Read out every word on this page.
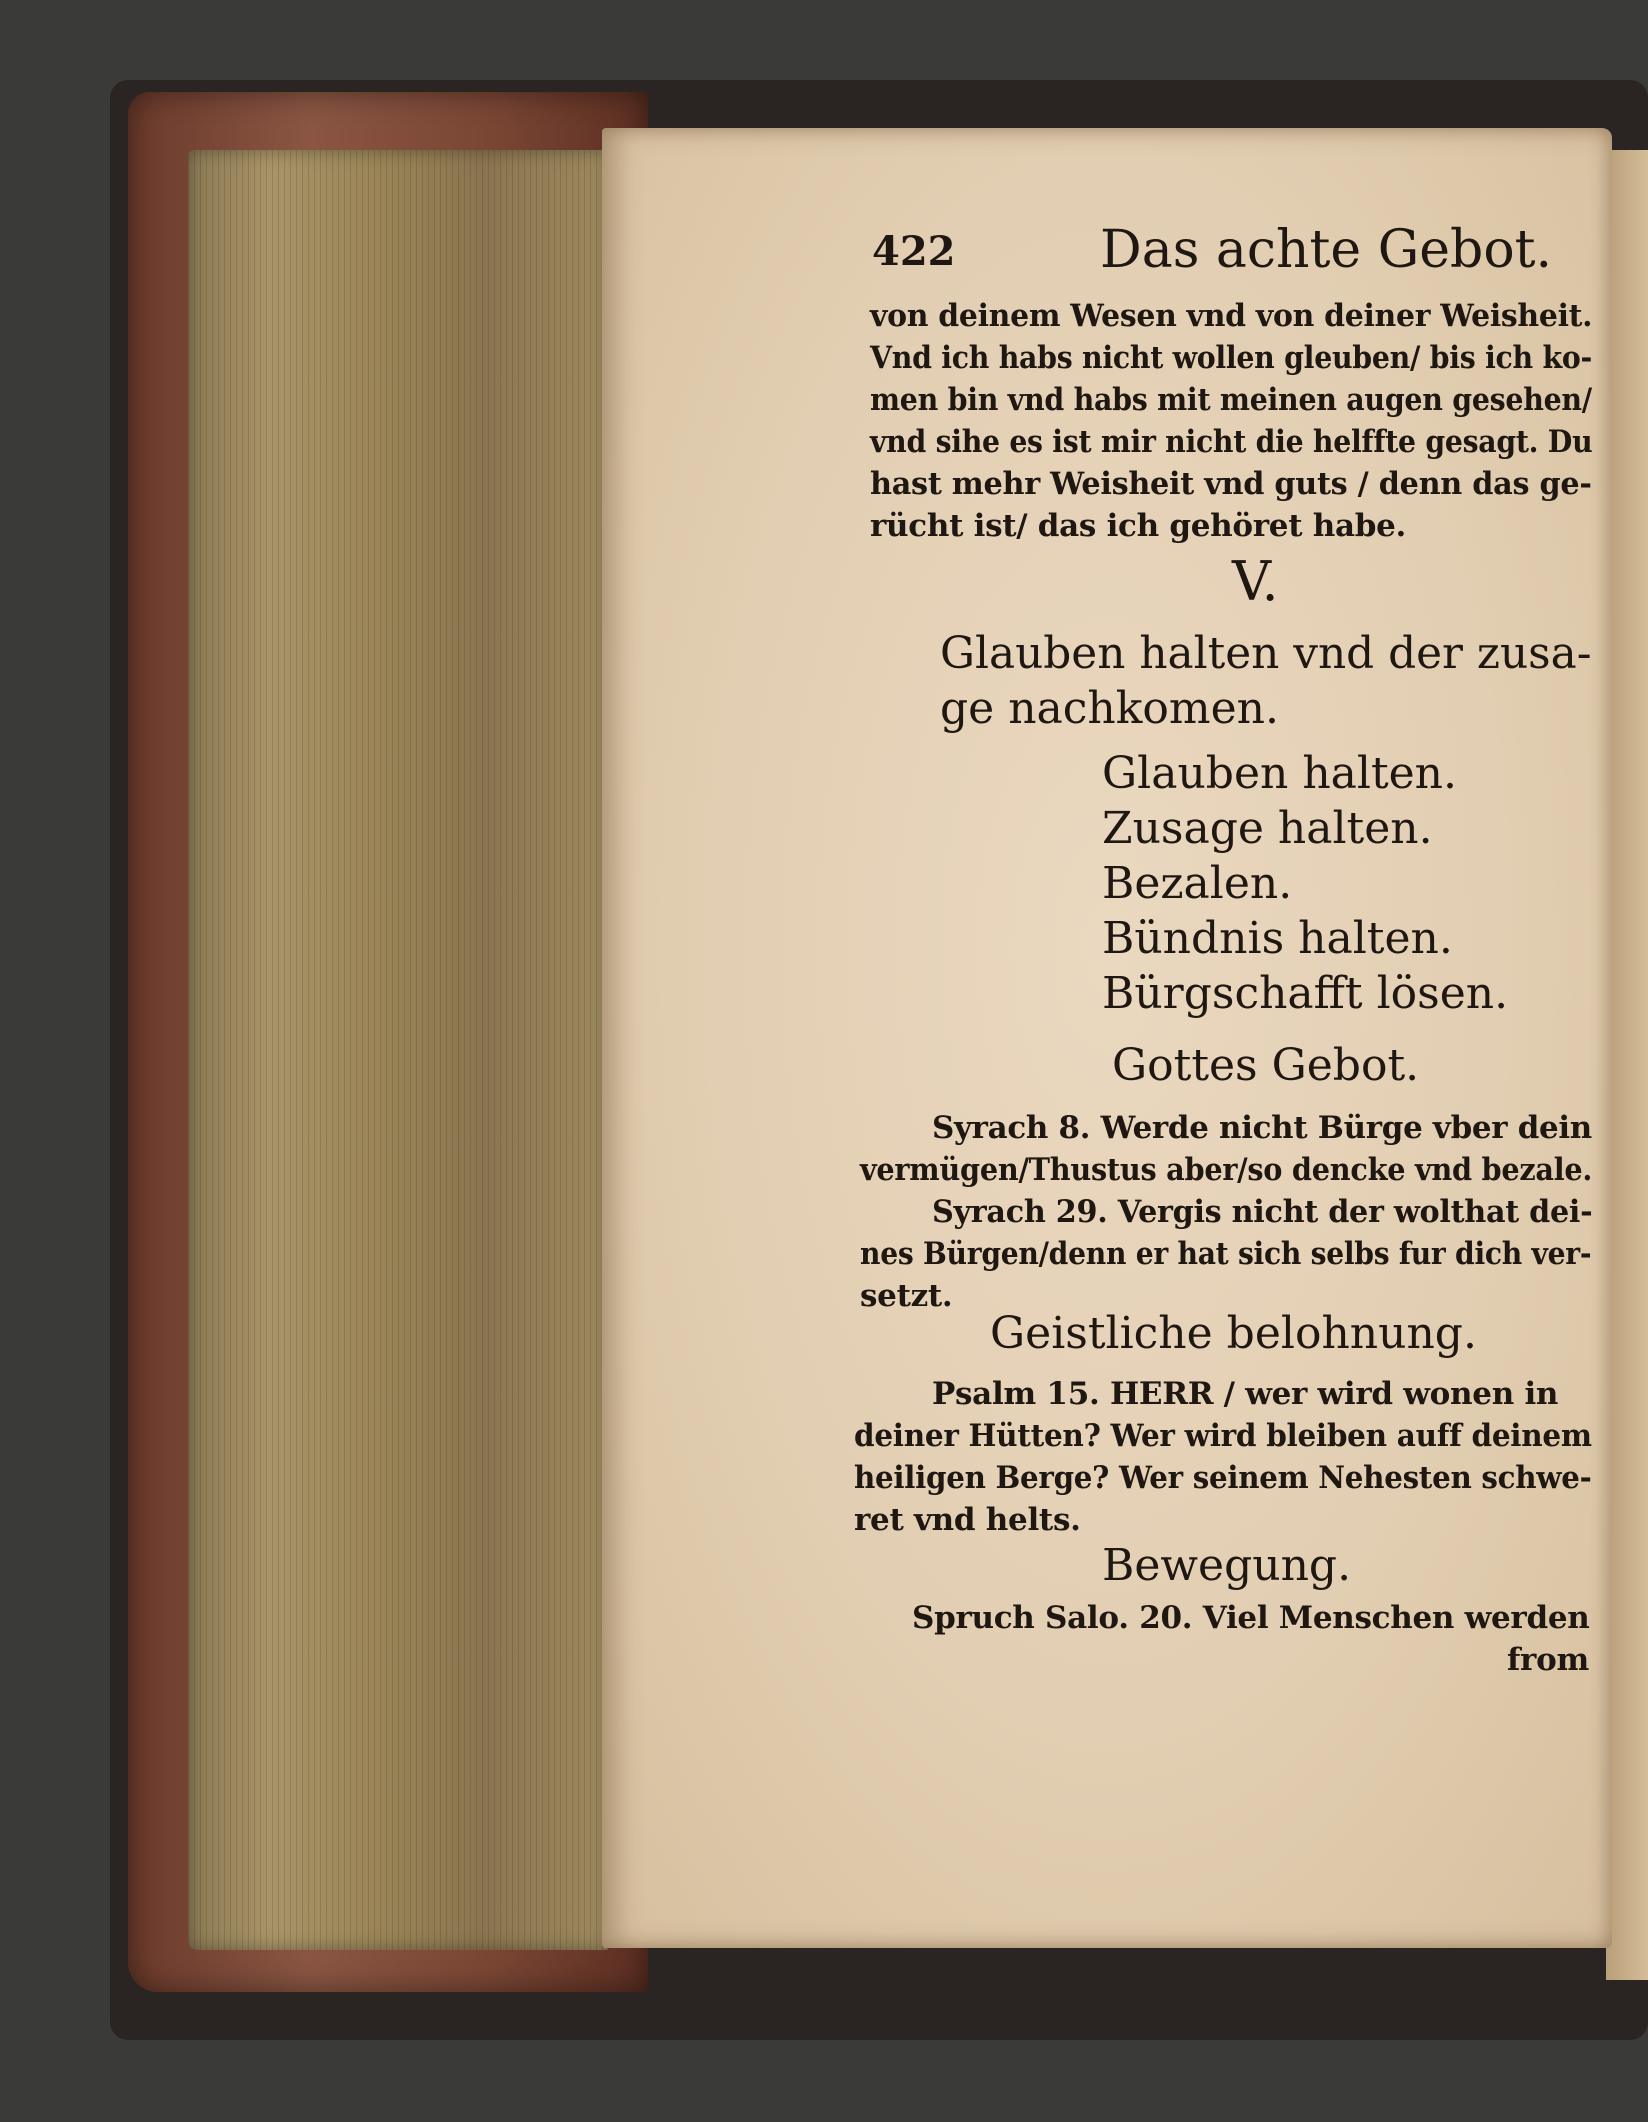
422	Das achte Gebot.
von deinem Wesen vnd von deiner Weisheit.
Vnd ich habs nicht wollen gleuben/ bis ich ko-
men bin vnd habs mit meinen augen gesehen/
vnd sihe es ist mir nicht die helffte gesagt. Du
hast mehr Weisheit vnd guts / denn das ge-
rücht ist/ das ich gehöret habe.
V.
Glauben halten vnd der zusa-
ge nachkomen.
Glauben halten.
Zusage halten.
Bezalen.
Bündnis halten.
Bürgschafft lösen.
Gottes Gebot.
Syrach 8. Werde nicht Bürge vber dein
vermügen/Thustus aber/so dencke vnd bezale.
Syrach 29. Vergis nicht der wolthat dei-
nes Bürgen/denn er hat sich selbs fur dich ver-
setzt.
Geistliche belohnung.
Psalm 15. HERR / wer wird wonen in
deiner Hütten? Wer wird bleiben auff deinem
heiligen Berge? Wer seinem Nehesten schwe-
ret vnd helts.
Bewegung.
Spruch Salo. 20. Viel Menschen werden
from
